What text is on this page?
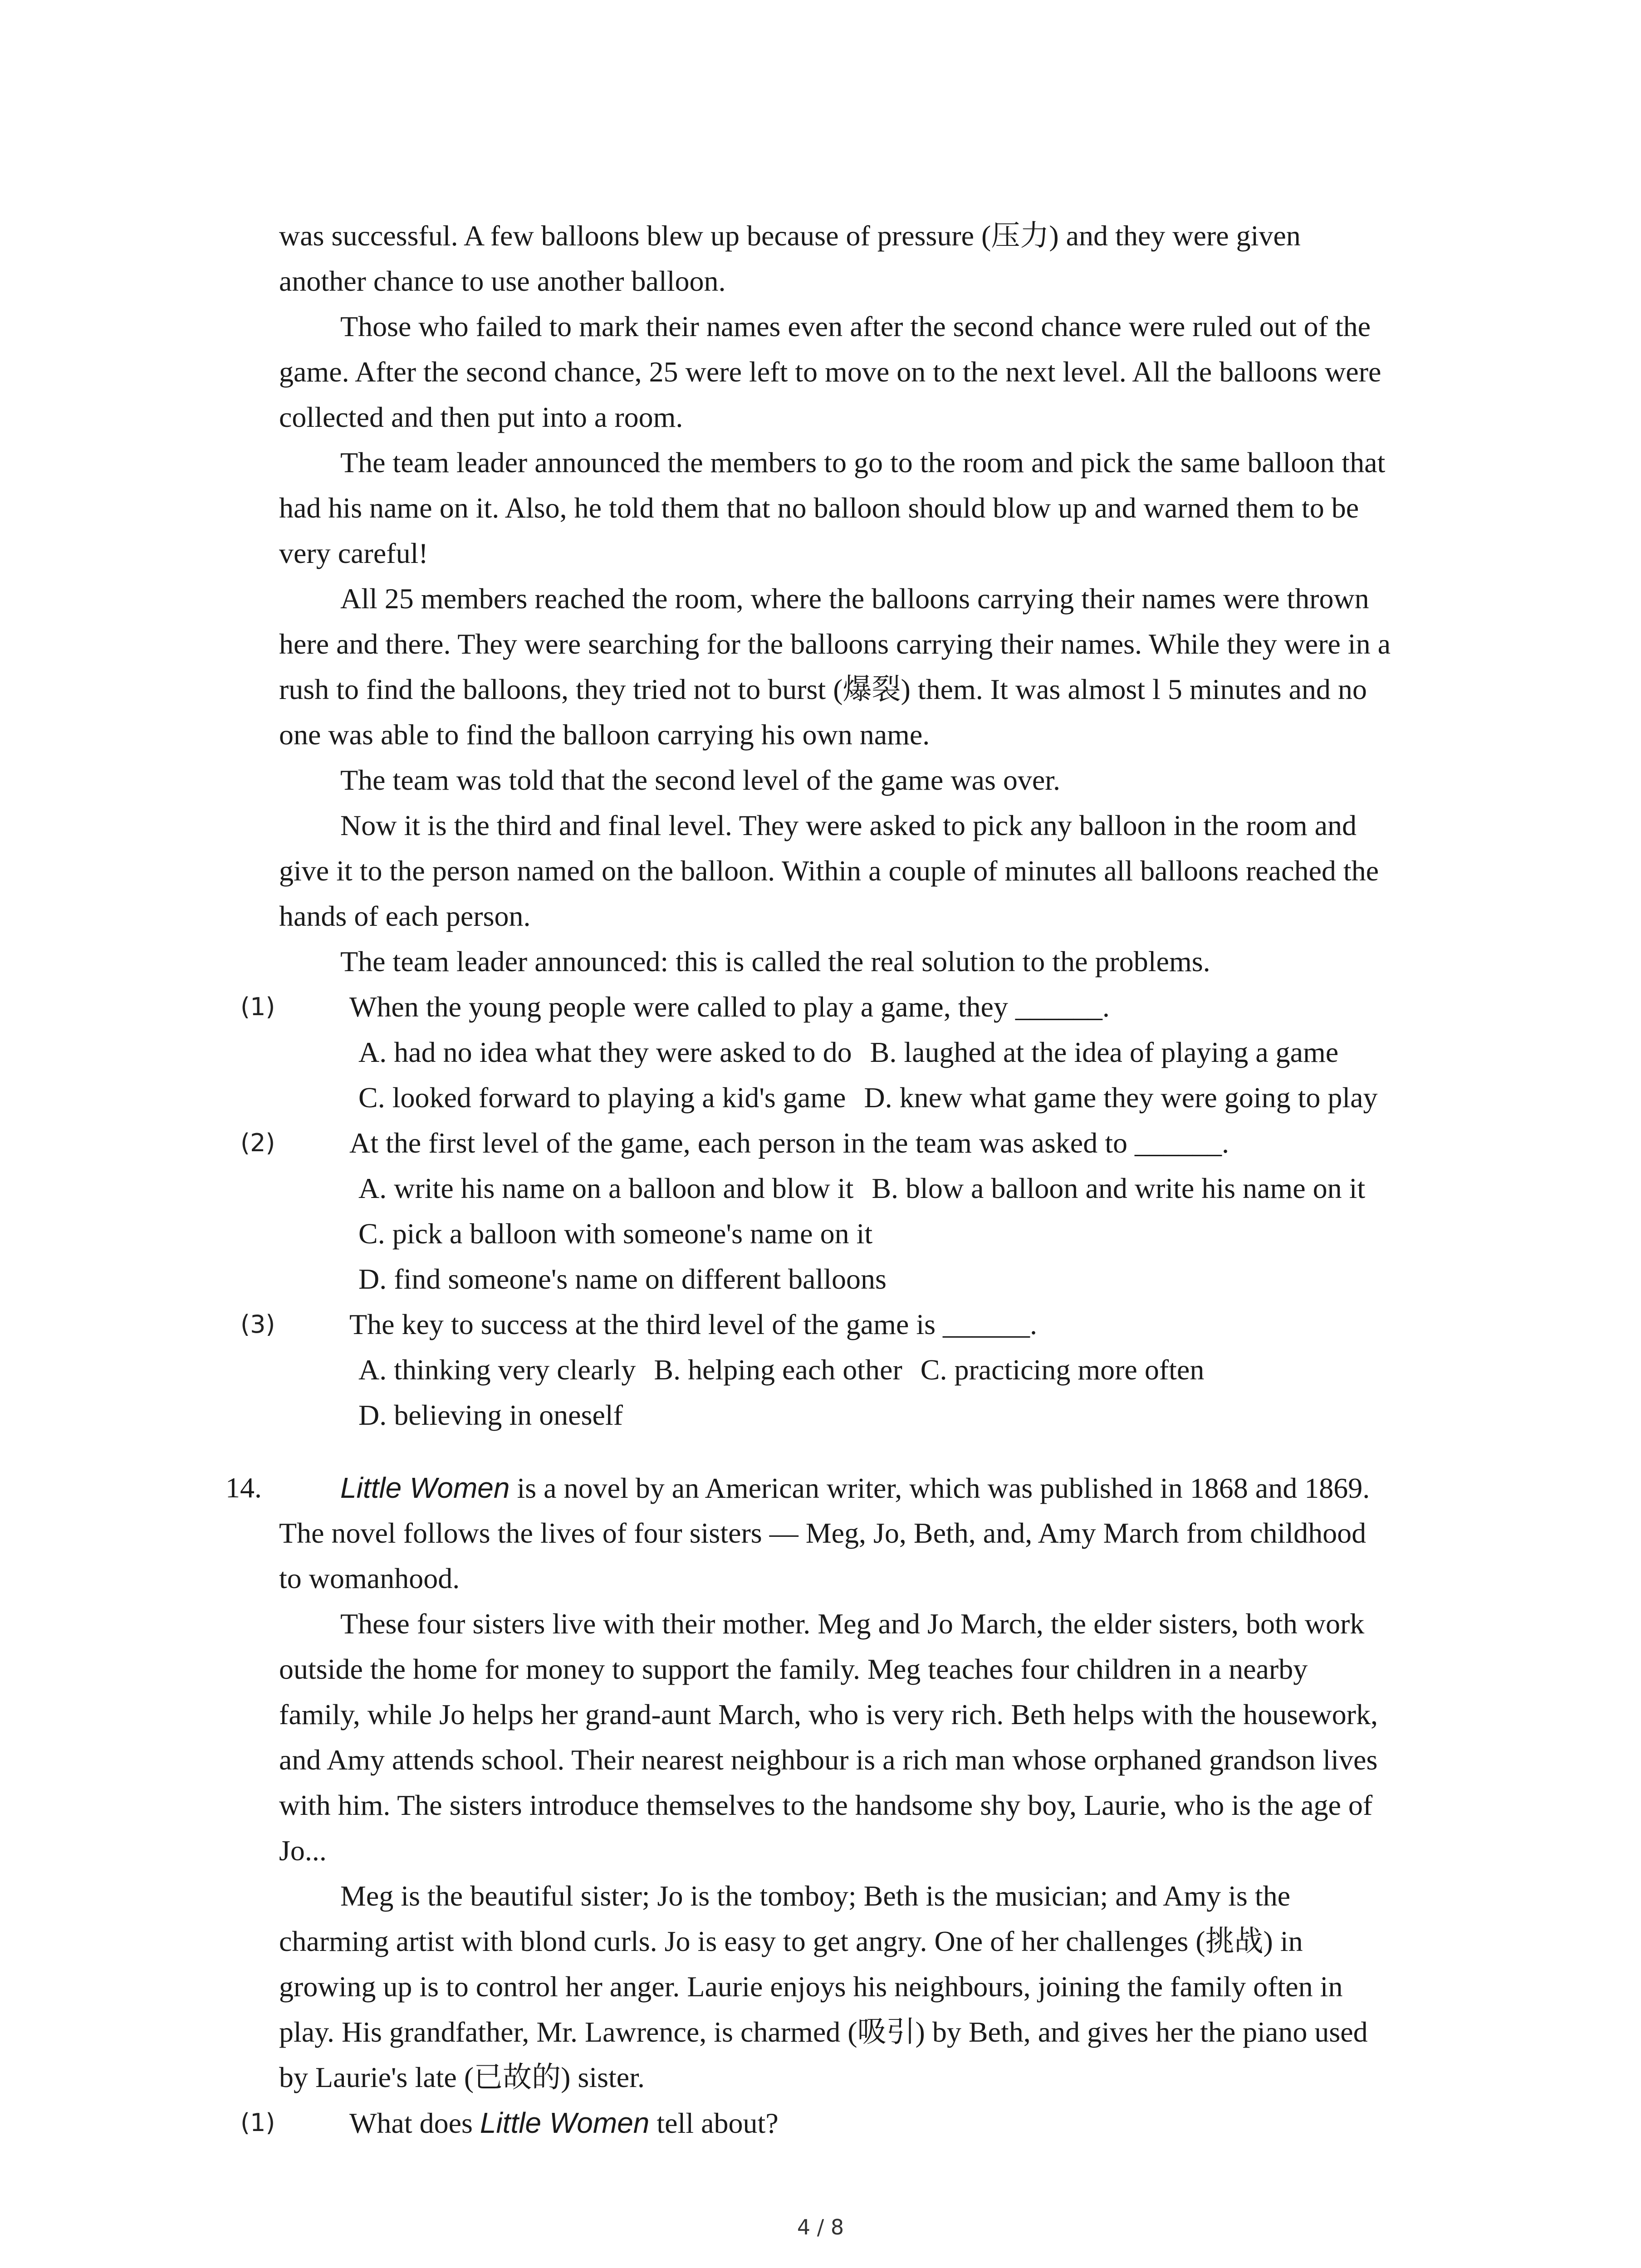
was successful. A few balloons blew up because of pressure (压力) and they were given
another chance to use another balloon.
Those who failed to mark their names even after the second chance were ruled out of the
game. After the second chance, 25 were left to move on to the next level. All the balloons were
collected and then put into a room.
The team leader announced the members to go to the room and pick the same balloon that
had his name on it. Also, he told them that no balloon should blow up and warned them to be
very careful!
All 25 members reached the room, where the balloons carrying their names were thrown
here and there. They were searching for the balloons carrying their names. While they were in a
rush to find the balloons, they tried not to burst (爆裂) them. It was almost l 5 minutes and no
one was able to find the balloon carrying his own name.
The team was told that the second level of the game was over.
Now it is the third and final level. They were asked to pick any balloon in the room and
give it to the person named on the balloon. Within a couple of minutes all balloons reached the
hands of each person.
The team leader announced: this is called the real solution to the problems.
(1)	When the young people were called to play a game, they ______.
A. had no idea what they were asked to do B. laughed at the idea of playing a game
C. looked forward to playing a kid's game D. knew what game they were going to play
(2)	At the first level of the game, each person in the team was asked to ______.
A. write his name on a balloon and blow it B. blow a balloon and write his name on it
C. pick a balloon with someone's name on it
D. find someone's name on different balloons
(3)	The key to success at the third level of the game is ______.
A. thinking very clearly B. helping each other C. practicing more often
D. believing in oneself
14.	Little Women is a novel by an American writer, which was published in 1868 and 1869.
The novel follows the lives of four sisters — Meg, Jo, Beth, and, Amy March from childhood
to womanhood.
These four sisters live with their mother. Meg and Jo March, the elder sisters, both work
outside the home for money to support the family. Meg teaches four children in a nearby
family, while Jo helps her grand-aunt March, who is very rich. Beth helps with the housework,
and Amy attends school. Their nearest neighbour is a rich man whose orphaned grandson lives
with him. The sisters introduce themselves to the handsome shy boy, Laurie, who is the age of
Jo...
Meg is the beautiful sister; Jo is the tomboy; Beth is the musician; and Amy is the
charming artist with blond curls. Jo is easy to get angry. One of her challenges (挑战) in
growing up is to control her anger. Laurie enjoys his neighbours, joining the family often in
play. His grandfather, Mr. Lawrence, is charmed (吸引) by Beth, and gives her the piano used
by Laurie's late (已故的) sister.
(1)	What does Little Women tell about?
4 / 8
